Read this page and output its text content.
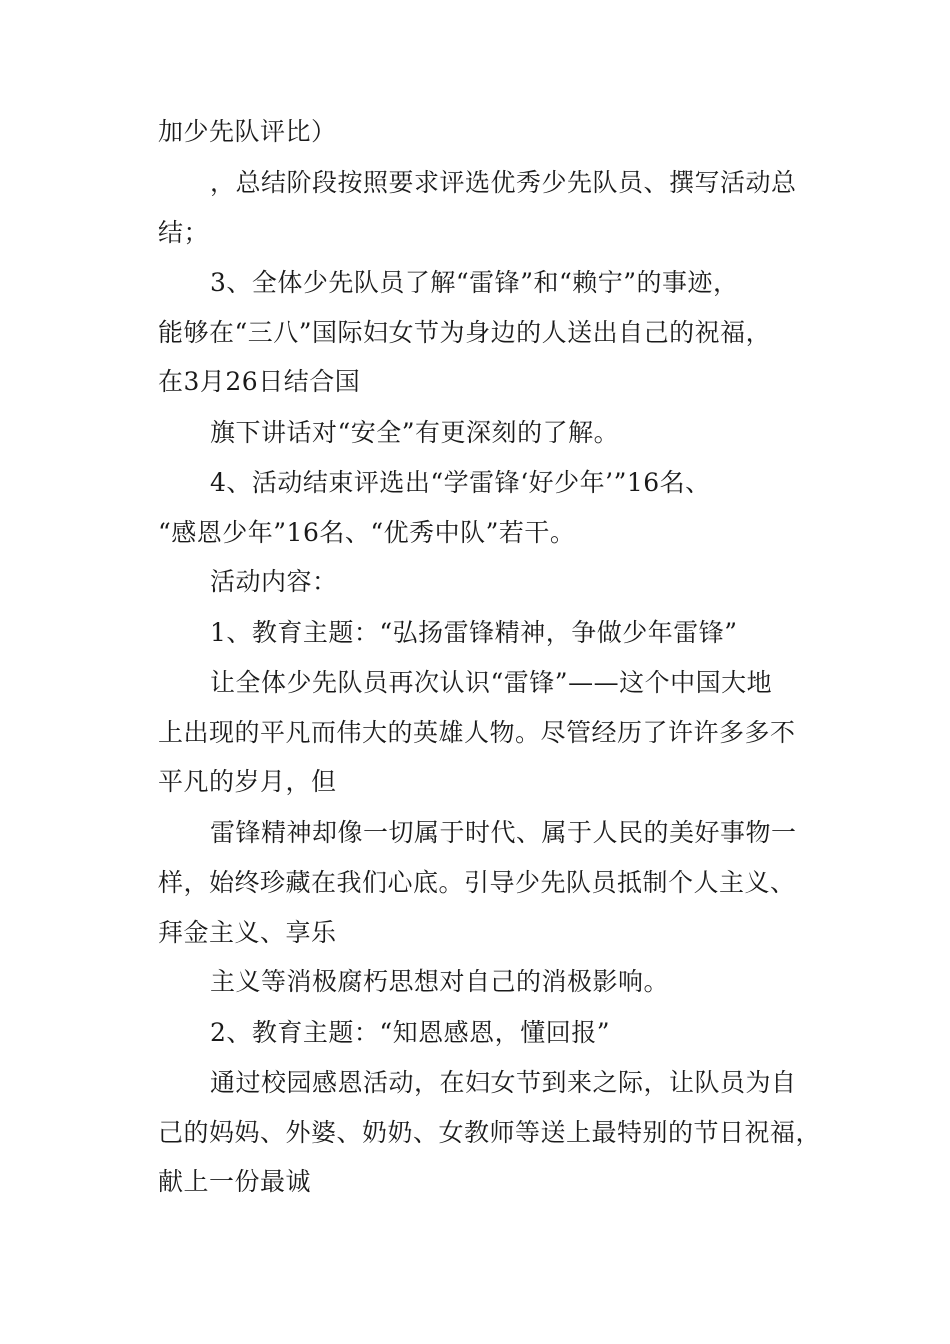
加少先队评比）
，总结阶段按照要求评选优秀少先队员、撰写活动总
结；
3、全体少先队员了解“雷锋”和“赖宁”的事迹，
能够在“三八”国际妇女节为身边的人送出自己的祝福，
在3月26日结合国
旗下讲话对“安全”有更深刻的了解。
4、活动结束评选出“学雷锋‘好少年’”16名、
“感恩少年”16名、“优秀中队”若干。
活动内容：
1、教育主题：“弘扬雷锋精神，争做少年雷锋”
让全体少先队员再次认识“雷锋”——这个中国大地
上出现的平凡而伟大的英雄人物。尽管经历了许许多多不
平凡的岁月，但
雷锋精神却像一切属于时代、属于人民的美好事物一
样，始终珍藏在我们心底。引导少先队员抵制个人主义、
拜金主义、享乐
主义等消极腐朽思想对自己的消极影响。
2、教育主题：“知恩感恩，懂回报”
通过校园感恩活动，在妇女节到来之际，让队员为自
己的妈妈、外婆、奶奶、女教师等送上最特别的节日祝福，
献上一份最诚
